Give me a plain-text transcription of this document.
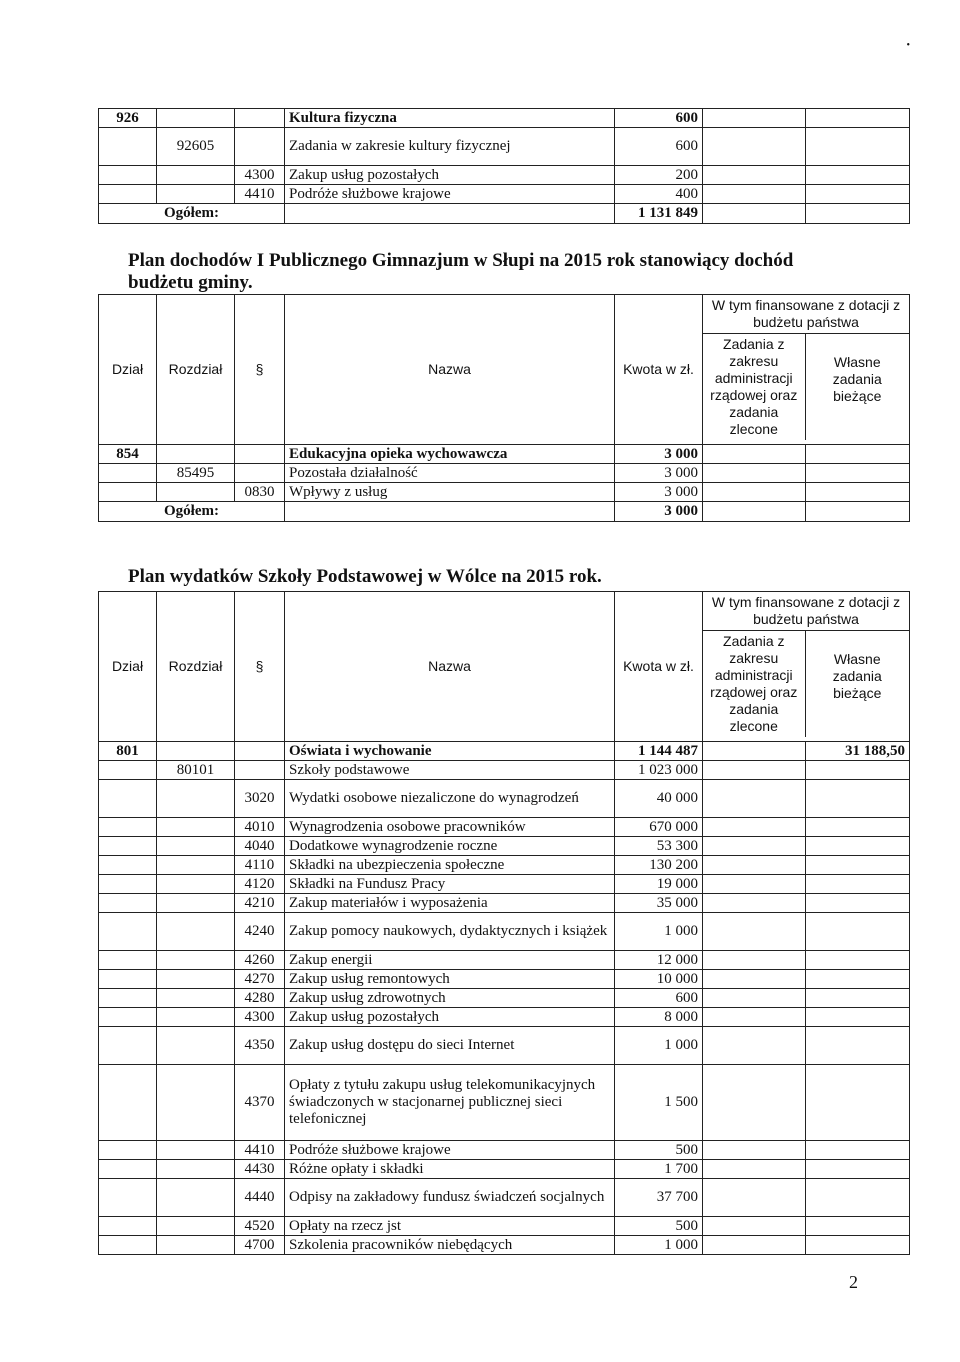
•
926			Kultura fizyczna	600		
	92605		Zadania w zakresie kultury fizycznej	600		
		4300	Zakup usług pozostałych	200		
		4410	Podróże służbowe krajowe	400		
Ogółem:				1 131 849		
Plan dochodów I Publicznego Gimnazjum w Słupi na 2015 rok stanowiący dochód budżetu gminy.
Dział	Rozdział	§	Nazwa	Kwota w zł.	W tym finansowane z dotacji z budżetu państwa
Zadania z zakresu administracji rządowej oraz zadania zlecone
Własne zadania bieżące	

854			Edukacyjna opieka wychowawcza	3 000		
	85495		Pozostała działalność	3 000		
		0830	Wpływy z usług	3 000		
Ogółem:				3 000		
Plan wydatków Szkoły Podstawowej w Wólce na 2015 rok.
Dział	Rozdział	§	Nazwa	Kwota w zł.	W tym finansowane z dotacji z budżetu państwa
Zadania z zakresu administracji rządowej oraz zadania zlecone
Własne zadania bieżące	

801			Oświata i wychowanie	1 144 487		31 188,50
	80101		Szkoły podstawowe	1 023 000		
		3020	Wydatki osobowe niezaliczone do wynagrodzeń	40 000		
		4010	Wynagrodzenia osobowe pracowników	670 000		
		4040	Dodatkowe wynagrodzenie roczne	53 300		
		4110	Składki na ubezpieczenia społeczne	130 200		
		4120	Składki na Fundusz Pracy	19 000		
		4210	Zakup materiałów i wyposażenia	35 000		
		4240	Zakup pomocy naukowych, dydaktycznych i książek	1 000		
		4260	Zakup energii	12 000		
		4270	Zakup usług remontowych	10 000		
		4280	Zakup usług zdrowotnych	600		
		4300	Zakup usług pozostałych	8 000		
		4350	Zakup usług dostępu do sieci Internet	1 000		
		4370	Opłaty z tytułu zakupu usług telekomunikacyjnych świadczonych w stacjonarnej publicznej sieci telefonicznej	1 500		
		4410	Podróże służbowe krajowe	500		
		4430	Różne opłaty i składki	1 700		
		4440	Odpisy na zakładowy fundusz świadczeń socjalnych	37 700		
		4520	Opłaty na rzecz jst	500		
		4700	Szkolenia pracowników niebędących	1 000		
2
